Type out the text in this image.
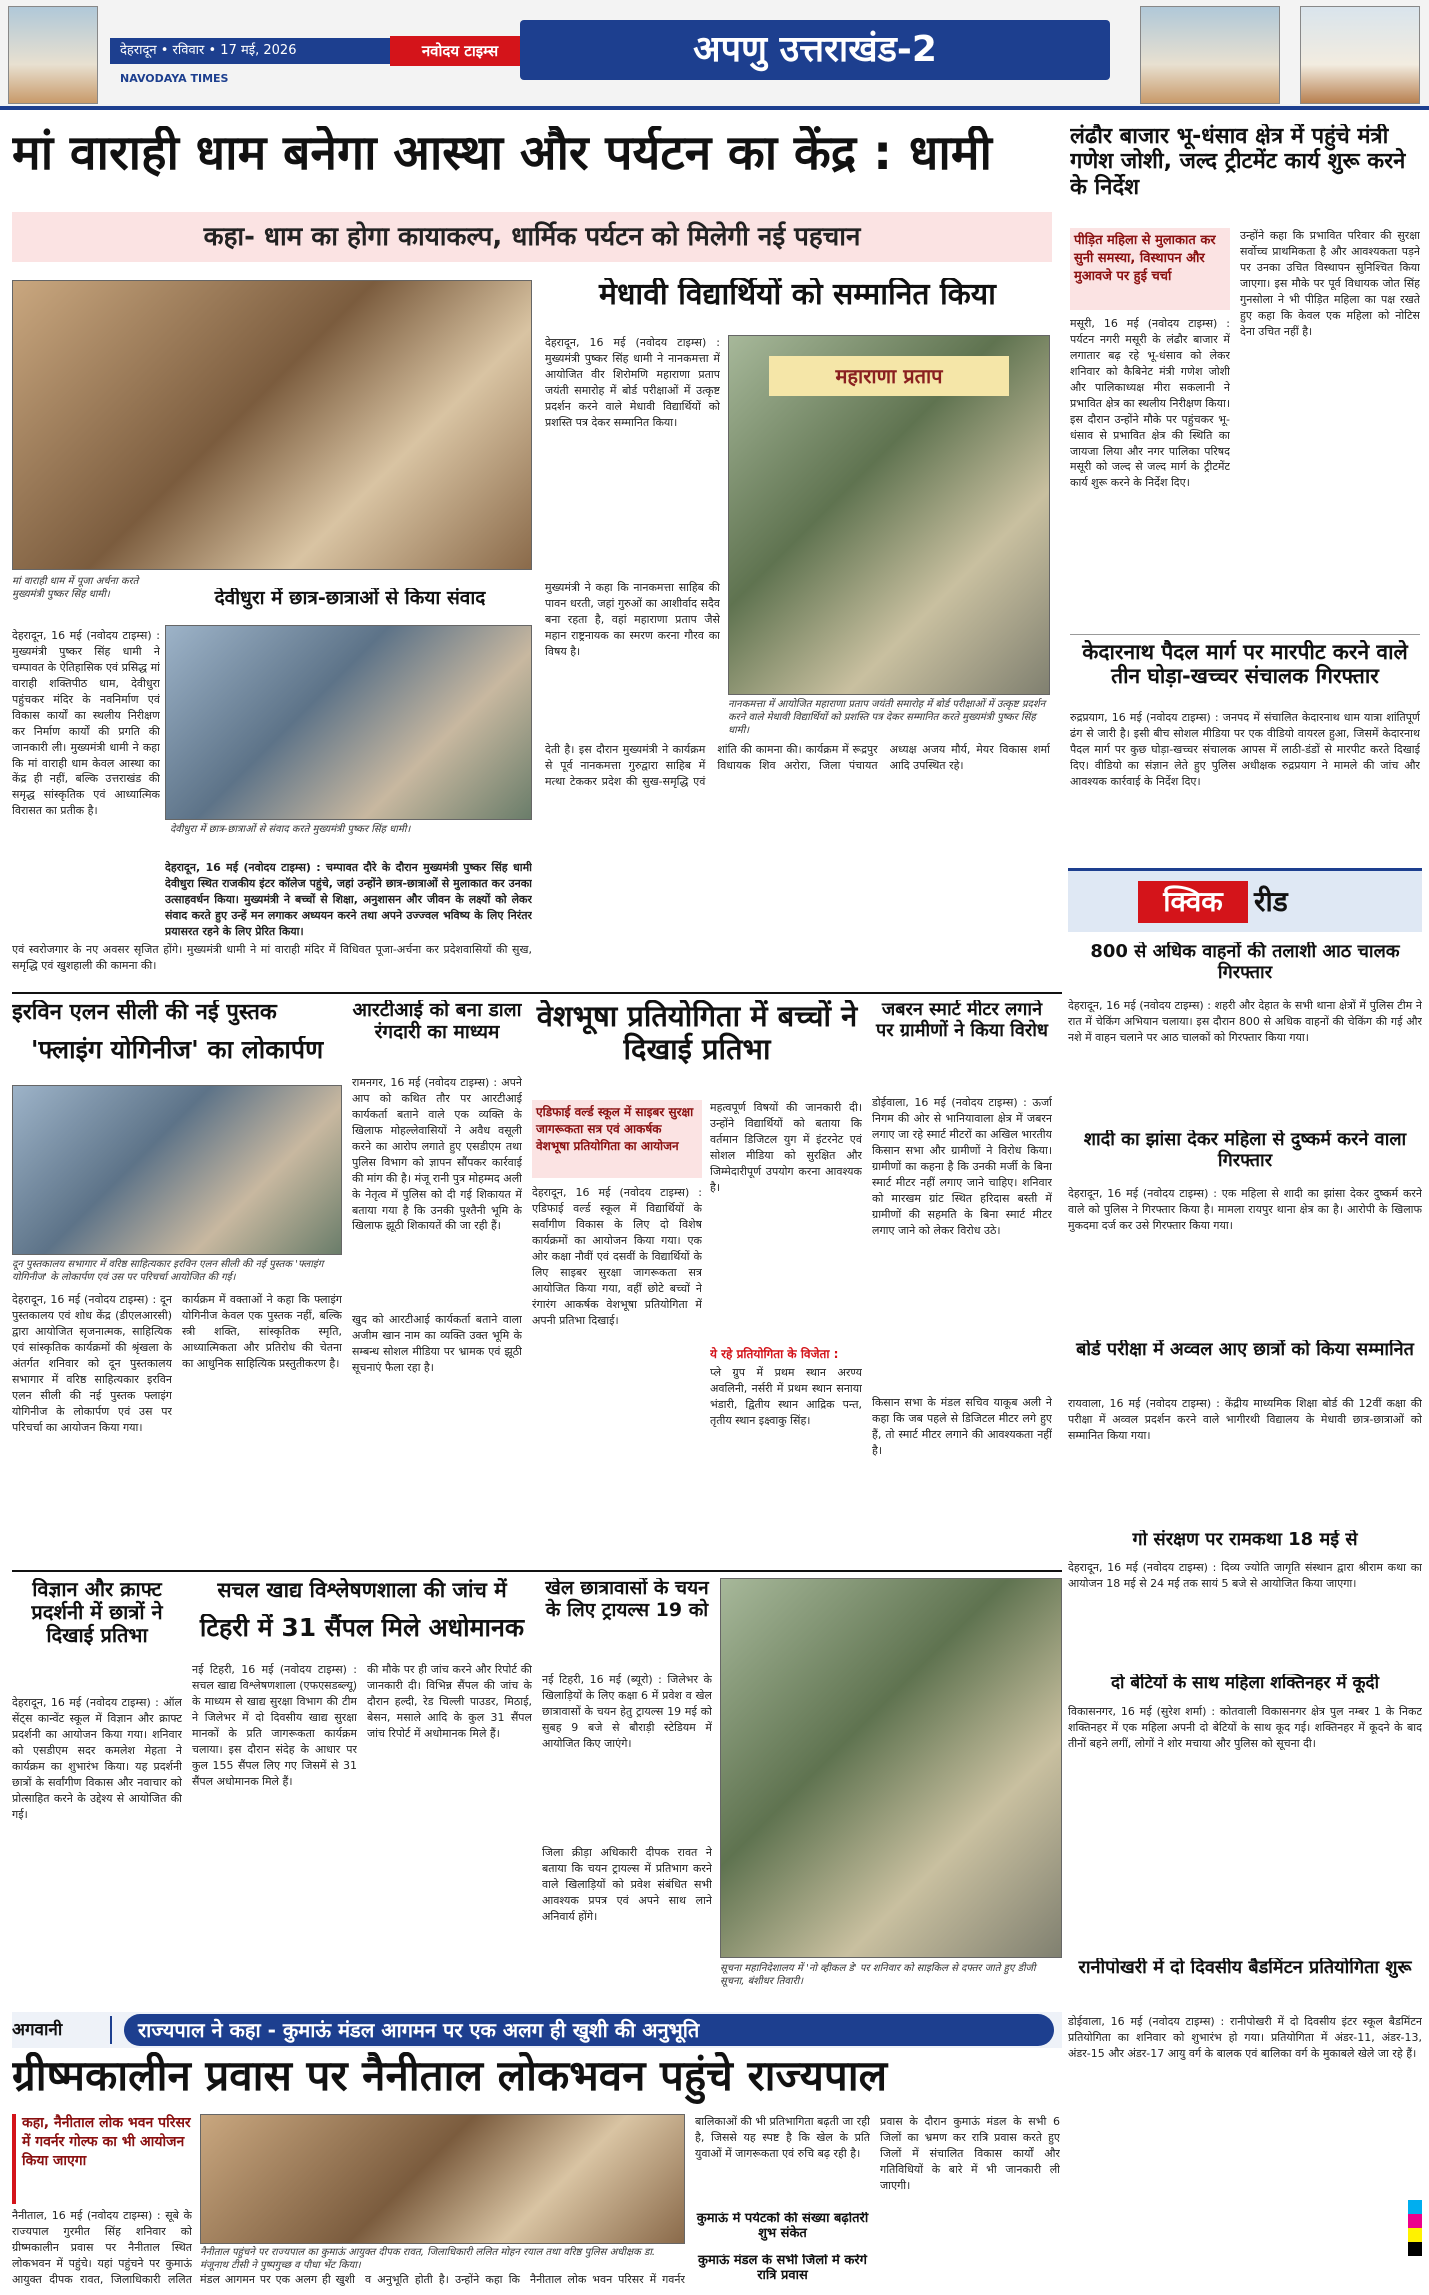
देहरादून • रविवार • 17 मई, 2026	नवोदय टाइम्स
NAVODAYA TIMES
अपणु उत्तराखंड-2
मां वाराही धाम बनेगा आस्था और पर्यटन का केंद्र : धामी
कहा- धाम का होगा कायाकल्प, धार्मिक पर्यटन को मिलेगी नई पहचान
मां वाराही धाम में पूजा अर्चना करते मुख्यमंत्री पुष्कर सिंह धामी।	देवीधुरा में छात्र-छात्राओं से किया संवाद
देवीधुरा में छात्र-छात्राओं से संवाद करते मुख्यमंत्री पुष्कर सिंह धामी।
देहरादून, 16 मई (नवोदय टाइम्स) : मुख्यमंत्री पुष्कर सिंह धामी ने चम्पावत के ऐतिहासिक एवं प्रसिद्ध मां वाराही शक्तिपीठ धाम, देवीधुरा पहुंचकर मंदिर के नवनिर्माण एवं विकास कार्यों का स्थलीय निरीक्षण कर निर्माण कार्यों की प्रगति की जानकारी ली। मुख्यमंत्री धामी ने कहा कि मां वाराही धाम केवल आस्था का केंद्र ही नहीं, बल्कि उत्तराखंड की समृद्ध सांस्कृतिक एवं आध्यात्मिक विरासत का प्रतीक है।
देहरादून, 16 मई (नवोदय टाइम्स) : चम्पावत दौरे के दौरान मुख्यमंत्री पुष्कर सिंह धामी देवीधुरा स्थित राजकीय इंटर कॉलेज पहुंचे, जहां उन्होंने छात्र-छात्राओं से मुलाकात कर उनका उत्साहवर्धन किया। मुख्यमंत्री ने बच्चों से शिक्षा, अनुशासन और जीवन के लक्ष्यों को लेकर संवाद करते हुए उन्हें मन लगाकर अध्ययन करने तथा अपने उज्ज्वल भविष्य के लिए निरंतर प्रयासरत रहने के लिए प्रेरित किया।
एवं स्वरोजगार के नए अवसर सृजित होंगे। मुख्यमंत्री धामी ने मां वाराही मंदिर में विधिवत पूजा-अर्चना कर प्रदेशवासियों की सुख, समृद्धि एवं खुशहाली की कामना की।
मेधावी विद्यार्थियों को सम्मानित किया
देहरादून, 16 मई (नवोदय टाइम्स) : मुख्यमंत्री पुष्कर सिंह धामी ने नानकमत्ता में आयोजित वीर शिरोमणि महाराणा प्रताप जयंती समारोह में बोर्ड परीक्षाओं में उत्कृष्ट प्रदर्शन करने वाले मेधावी विद्यार्थियों को प्रशस्ति पत्र देकर सम्मानित किया।
मुख्यमंत्री ने कहा कि नानकमत्ता साहिब की पावन धरती, जहां गुरुओं का आशीर्वाद सदैव बना रहता है, वहां महाराणा प्रताप जैसे महान राष्ट्रनायक का स्मरण करना गौरव का विषय है।
महाराणा प्रताप
नानकमत्ता में आयोजित महाराणा प्रताप जयंती समारोह में बोर्ड परीक्षाओं में उत्कृष्ट प्रदर्शन करने वाले मेधावी विद्यार्थियों को प्रशस्ति पत्र देकर सम्मानित करते मुख्यमंत्री पुष्कर सिंह धामी।
देती है। इस दौरान मुख्यमंत्री ने कार्यक्रम से पूर्व नानकमत्ता गुरुद्वारा साहिब में मत्था टेककर प्रदेश की सुख-समृद्धि एवं शांति की कामना की। कार्यक्रम में रूद्रपुर विधायक शिव अरोरा, जिला पंचायत अध्यक्ष अजय मौर्य, मेयर विकास शर्मा आदि उपस्थित रहे।
लंढौर बाजार भू-धंसाव क्षेत्र में पहुंचे मंत्री गणेश जोशी, जल्द ट्रीटमेंट कार्य शुरू करने के निर्देश
पीड़ित महिला से मुलाकात कर सुनी समस्या, विस्थापन और मुआवजे पर हुई चर्चा
मसूरी, 16 मई (नवोदय टाइम्स) : पर्यटन नगरी मसूरी के लंढौर बाजार में लगातार बढ़ रहे भू-धंसाव को लेकर शनिवार को कैबिनेट मंत्री गणेश जोशी और पालिकाध्यक्ष मीरा सकलानी ने प्रभावित क्षेत्र का स्थलीय निरीक्षण किया। इस दौरान उन्होंने मौके पर पहुंचकर भू-धंसाव से प्रभावित क्षेत्र की स्थिति का जायजा लिया और नगर पालिका परिषद मसूरी को जल्द से जल्द मार्ग के ट्रीटमेंट कार्य शुरू करने के निर्देश दिए।
उन्होंने कहा कि प्रभावित परिवार की सुरक्षा सर्वोच्च प्राथमिकता है और आवश्यकता पड़ने पर उनका उचित विस्थापन सुनिश्चित किया जाएगा। इस मौके पर पूर्व विधायक जोत सिंह गुनसोला ने भी पीड़ित महिला का पक्ष रखते हुए कहा कि केवल एक महिला को नोटिस देना उचित नहीं है।
केदारनाथ पैदल मार्ग पर मारपीट करने वाले तीन घोड़ा-खच्चर संचालक गिरफ्तार
रुद्रप्रयाग, 16 मई (नवोदय टाइम्स) : जनपद में संचालित केदारनाथ धाम यात्रा शांतिपूर्ण ढंग से जारी है। इसी बीच सोशल मीडिया पर एक वीडियो वायरल हुआ, जिसमें केदारनाथ पैदल मार्ग पर कुछ घोड़ा-खच्चर संचालक आपस में लाठी-डंडों से मारपीट करते दिखाई दिए। वीडियो का संज्ञान लेते हुए पुलिस अधीक्षक रुद्रप्रयाग ने मामले की जांच और आवश्यक कार्रवाई के निर्देश दिए।
इरविन एलन सीली की नई पुस्तक
'फ्लाइंग योगिनीज' का लोकार्पण
दून पुस्तकालय सभागार में वरिष्ठ साहित्यकार इरविन एलन सीली की नई पुस्तक 'फ्लाइंग योगिनीज' के लोकार्पण एवं उस पर परिचर्चा आयोजित की गई।
देहरादून, 16 मई (नवोदय टाइम्स) : दून पुस्तकालय एवं शोध केंद्र (डीएलआरसी) द्वारा आयोजित सृजनात्मक, साहित्यिक एवं सांस्कृतिक कार्यक्रमों की श्रृंखला के अंतर्गत शनिवार को दून पुस्तकालय सभागार में वरिष्ठ साहित्यकार इरविन एलन सीली की नई पुस्तक फ्लाइंग योगिनीज के लोकार्पण एवं उस पर परिचर्चा का आयोजन किया गया।
कार्यक्रम में वक्ताओं ने कहा कि फ्लाइंग योगिनीज केवल एक पुस्तक नहीं, बल्कि स्त्री शक्ति, सांस्कृतिक स्मृति, आध्यात्मिकता और प्रतिरोध की चेतना का आधुनिक साहित्यिक प्रस्तुतीकरण है।
आरटीआई को बना डाला रंगदारी का माध्यम
रामनगर, 16 मई (नवोदय टाइम्स) : अपने आप को कथित तौर पर आरटीआई कार्यकर्ता बताने वाले एक व्यक्ति के खिलाफ मोहल्लेवासियों ने अवैध वसूली करने का आरोप लगाते हुए एसडीएम तथा पुलिस विभाग को ज्ञापन सौंपकर कार्रवाई की मांग की है। मंजू रानी पुत्र मोहम्मद अली के नेतृत्व में पुलिस को दी गई शिकायत में बताया गया है कि उनकी पुश्तैनी भूमि के खिलाफ झूठी शिकायतें की जा रही हैं।
खुद को आरटीआई कार्यकर्ता बताने वाला अजीम खान नाम का व्यक्ति उक्त भूमि के सम्बन्ध सोशल मीडिया पर भ्रामक एवं झूठी सूचनाएं फैला रहा है।
वेशभूषा प्रतियोगिता में बच्चों ने दिखाई प्रतिभा
एडिफाई वर्ल्ड स्कूल में साइबर सुरक्षा जागरूकता सत्र एवं आकर्षक वेशभूषा प्रतियोगिता का आयोजन
देहरादून, 16 मई (नवोदय टाइम्स) : एडिफाई वर्ल्ड स्कूल में विद्यार्थियों के सर्वांगीण विकास के लिए दो विशेष कार्यक्रमों का आयोजन किया गया। एक ओर कक्षा नौवीं एवं दसवीं के विद्यार्थियों के लिए साइबर सुरक्षा जागरूकता सत्र आयोजित किया गया, वहीं छोटे बच्चों ने रंगारंग आकर्षक वेशभूषा प्रतियोगिता में अपनी प्रतिभा दिखाई।
महत्वपूर्ण विषयों की जानकारी दी। उन्होंने विद्यार्थियों को बताया कि वर्तमान डिजिटल युग में इंटरनेट एवं सोशल मीडिया को सुरक्षित और जिम्मेदारीपूर्ण उपयोग करना आवश्यक है।
ये रहे प्रतियोगिता के विजेता :
प्ले ग्रुप में प्रथम स्थान अरण्य अवलिनी, नर्सरी में प्रथम स्थान सनाया भंडारी, द्वितीय स्थान आद्रिक पन्त, तृतीय स्थान इक्ष्वाकु सिंह।
जबरन स्मार्ट मीटर लगाने पर ग्रामीणों ने किया विरोध
डोईवाला, 16 मई (नवोदय टाइम्स) : ऊर्जा निगम की ओर से भानियावाला क्षेत्र में जबरन लगाए जा रहे स्मार्ट मीटरों का अखिल भारतीय किसान सभा और ग्रामीणों ने विरोध किया। ग्रामीणों का कहना है कि उनकी मर्जी के बिना स्मार्ट मीटर नहीं लगाए जाने चाहिए। शनिवार को मारखम ग्रांट स्थित हरिदास बस्ती में ग्रामीणों की सहमति के बिना स्मार्ट मीटर लगाए जाने को लेकर विरोध उठे।
किसान सभा के मंडल सचिव याकूब अली ने कहा कि जब पहले से डिजिटल मीटर लगे हुए हैं, तो स्मार्ट मीटर लगाने की आवश्यकता नहीं है।
क्विक	रीड
800 से अधिक वाहनों की तलाशी आठ चालक गिरफ्तार
देहरादून, 16 मई (नवोदय टाइम्स) : शहरी और देहात के सभी थाना क्षेत्रों में पुलिस टीम ने रात में चेकिंग अभियान चलाया। इस दौरान 800 से अधिक वाहनों की चेकिंग की गई और नशे में वाहन चलाने पर आठ चालकों को गिरफ्तार किया गया।
शादी का झांसा देकर महिला से दुष्कर्म करने वाला गिरफ्तार
देहरादून, 16 मई (नवोदय टाइम्स) : एक महिला से शादी का झांसा देकर दुष्कर्म करने वाले को पुलिस ने गिरफ्तार किया है। मामला रायपुर थाना क्षेत्र का है। आरोपी के खिलाफ मुकदमा दर्ज कर उसे गिरफ्तार किया गया।
बोर्ड परीक्षा में अव्वल आए छात्रों को किया सम्मानित
रायवाला, 16 मई (नवोदय टाइम्स) : केंद्रीय माध्यमिक शिक्षा बोर्ड की 12वीं कक्षा की परीक्षा में अव्वल प्रदर्शन करने वाले भागीरथी विद्यालय के मेधावी छात्र-छात्राओं को सम्मानित किया गया।
गो संरक्षण पर रामकथा 18 मई से
देहरादून, 16 मई (नवोदय टाइम्स) : दिव्य ज्योति जागृति संस्थान द्वारा श्रीराम कथा का आयोजन 18 मई से 24 मई तक सायं 5 बजे से आयोजित किया जाएगा।
दो बेटियों के साथ महिला शक्तिनहर में कूदी
विकासनगर, 16 मई (सुरेश शर्मा) : कोतवाली विकासनगर क्षेत्र पुल नम्बर 1 के निकट शक्तिनहर में एक महिला अपनी दो बेटियों के साथ कूद गई। शक्तिनहर में कूदने के बाद तीनों बहने लगीं, लोगों ने शोर मचाया और पुलिस को सूचना दी।
रानीपोखरी में दो दिवसीय बैडमिंटन प्रतियोगिता शुरू
डोईवाला, 16 मई (नवोदय टाइम्स) : रानीपोखरी में दो दिवसीय इंटर स्कूल बैडमिंटन प्रतियोगिता का शनिवार को शुभारंभ हो गया। प्रतियोगिता में अंडर-11, अंडर-13, अंडर-15 और अंडर-17 आयु वर्ग के बालक एवं बालिका वर्ग के मुकाबले खेले जा रहे हैं।
विज्ञान और क्राफ्ट प्रदर्शनी में छात्रों ने दिखाई प्रतिभा
देहरादून, 16 मई (नवोदय टाइम्स) : ऑल सेंट्स कान्वेंट स्कूल में विज्ञान और क्राफ्ट प्रदर्शनी का आयोजन किया गया। शनिवार को एसडीएम सदर कमलेश मेहता ने कार्यक्रम का शुभारंभ किया। यह प्रदर्शनी छात्रों के सर्वांगीण विकास और नवाचार को प्रोत्साहित करने के उद्देश्य से आयोजित की गई।
सचल खाद्य विश्लेषणशाला की जांच में
टिहरी में 31 सैंपल मिले अधोमानक
नई टिहरी, 16 मई (नवोदय टाइम्स) : सचल खाद्य विश्लेषणशाला (एफएसडब्ल्यू) के माध्यम से खाद्य सुरक्षा विभाग की टीम ने जिलेभर में दो दिवसीय खाद्य सुरक्षा मानकों के प्रति जागरूकता कार्यक्रम चलाया। इस दौरान संदेह के आधार पर कुल 155 सैंपल लिए गए जिसमें से 31 सैंपल अधोमानक मिले हैं।
की मौके पर ही जांच करने और रिपोर्ट की जानकारी दी। विभिन्न सैंपल की जांच के दौरान हल्दी, रेड चिल्ली पाउडर, मिठाई, बेसन, मसाले आदि के कुल 31 सैंपल जांच रिपोर्ट में अधोमानक मिले हैं।
खेल छात्रावासों के चयन के लिए ट्रायल्स 19 को
नई टिहरी, 16 मई (ब्यूरो) : जिलेभर के खिलाड़ियों के लिए कक्षा 6 में प्रवेश व खेल छात्रावासों के चयन हेतु ट्रायल्स 19 मई को सुबह 9 बजे से बौराड़ी स्टेडियम में आयोजित किए जाएंगे।
जिला क्रीड़ा अधिकारी दीपक रावत ने बताया कि चयन ट्रायल्स में प्रतिभाग करने वाले खिलाड़ियों को प्रवेश संबंधित सभी आवश्यक प्रपत्र एवं अपने साथ लाने अनिवार्य होंगे।
सूचना महानिदेशालय में 'नो व्हीकल डे' पर शनिवार को साइकिल से दफ्तर जाते हुए डीजी सूचना, बंशीधर तिवारी।
अगवानी	राज्यपाल ने कहा - कुमाऊं मंडल आगमन पर एक अलग ही खुशी की अनुभूति
ग्रीष्मकालीन प्रवास पर नैनीताल लोकभवन पहुंचे राज्यपाल
कहा, नैनीताल लोक भवन परिसर में गवर्नर गोल्फ का भी आयोजन किया जाएगा
नैनीताल, 16 मई (नवोदय टाइम्स) : सूबे के राज्यपाल गुरमीत सिंह शनिवार को ग्रीष्मकालीन प्रवास पर नैनीताल स्थित लोकभवन में पहुंचे। यहां पहुंचने पर कुमाऊं आयुक्त दीपक रावत, जिलाधिकारी ललित
नैनीताल पहुंचने पर राज्यपाल का कुमाऊं आयुक्त दीपक रावत, जिलाधिकारी ललित मोहन रयाल तथा वरिष्ठ पुलिस अधीक्षक डा. मंजूनाथ टीसी ने पुष्पगुच्छ व पौधा भेंट किया।
मंडल आगमन पर एक अलग ही खुशी व अनुभूति होती है। उन्होंने कहा कि नैनीताल लोक भवन परिसर में गवर्नर
बालिकाओं की भी प्रतिभागिता बढ़ती जा रही है, जिससे यह स्पष्ट है कि खेल के प्रति युवाओं में जागरूकता एवं रुचि बढ़ रही है।
कुमाऊं में पर्यटकों की संख्या बढ़ोतरी शुभ संकेत
कुमाऊं मंडल के सभी जिलों में करेंगे रात्रि प्रवास
प्रवास के दौरान कुमाऊं मंडल के सभी 6 जिलों का भ्रमण कर रात्रि प्रवास करते हुए जिलों में संचालित विकास कार्यों और गतिविधियों के बारे में भी जानकारी ली जाएगी।
